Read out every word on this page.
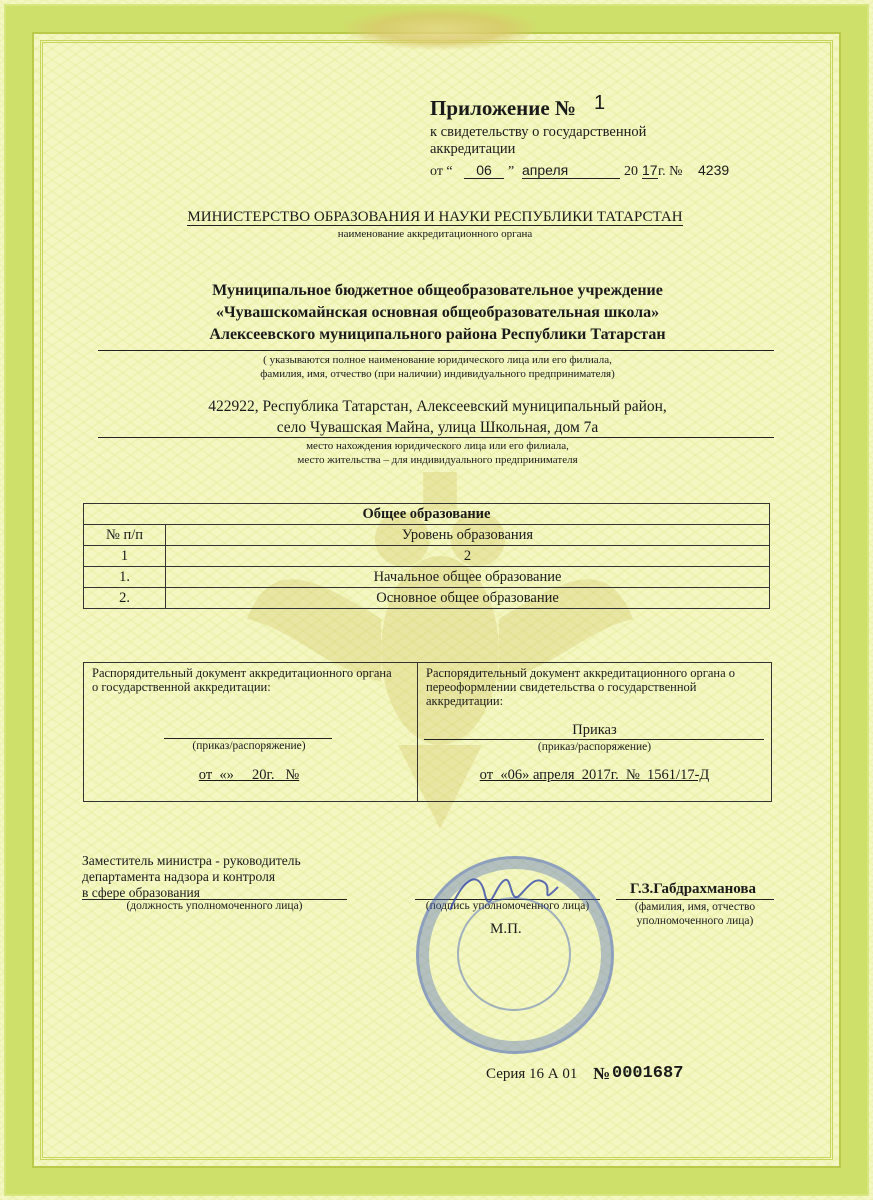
Приложение № 1
к свидетельству о государственной аккредитации
от “	06	” апреля	20 17 г. № 4239
МИНИСТЕРСТВО ОБРАЗОВАНИЯ И НАУКИ РЕСПУБЛИКИ ТАТАРСТАН
наименование аккредитационного органа
Муниципальное бюджетное общеобразовательное учреждение
«Чувашскомайнская основная общеобразовательная школа»
Алексеевского муниципального района Республики Татарстан
( указываются полное наименование юридического лица или его филиала,
фамилия, имя, отчество (при наличии) индивидуального предпринимателя)
422922, Республика Татарстан, Алексеевский муниципальный район,
село Чувашская Майна, улица Школьная, дом 7а
место нахождения юридического лица или его филиала,
место жительства – для индивидуального предпринимателя
Общее образование	
№ п/п	Уровень образования
1	2
1.	Начальное общее образование
2.	Основное общее образование
Распорядительный документ аккредитационного органа о государственной аккредитации:
(приказ/распоряжение)
от  «»     20г.   №
Распорядительный документ аккредитационного органа о переоформлении свидетельства о государственной аккредитации:
Приказ
(приказ/распоряжение)
от  «06» апреля  2017г.  №  1561/17-Д
Заместитель министра - руководитель
департамента надзора и контроля
в сфере образования
(должность уполномоченного лица)	(подпись уполномоченного лица)
Г.З.Габдрахманова
(фамилия, имя, отчество
уполномоченного лица)
М.П.
Серия 16 А 01 № 0001687
